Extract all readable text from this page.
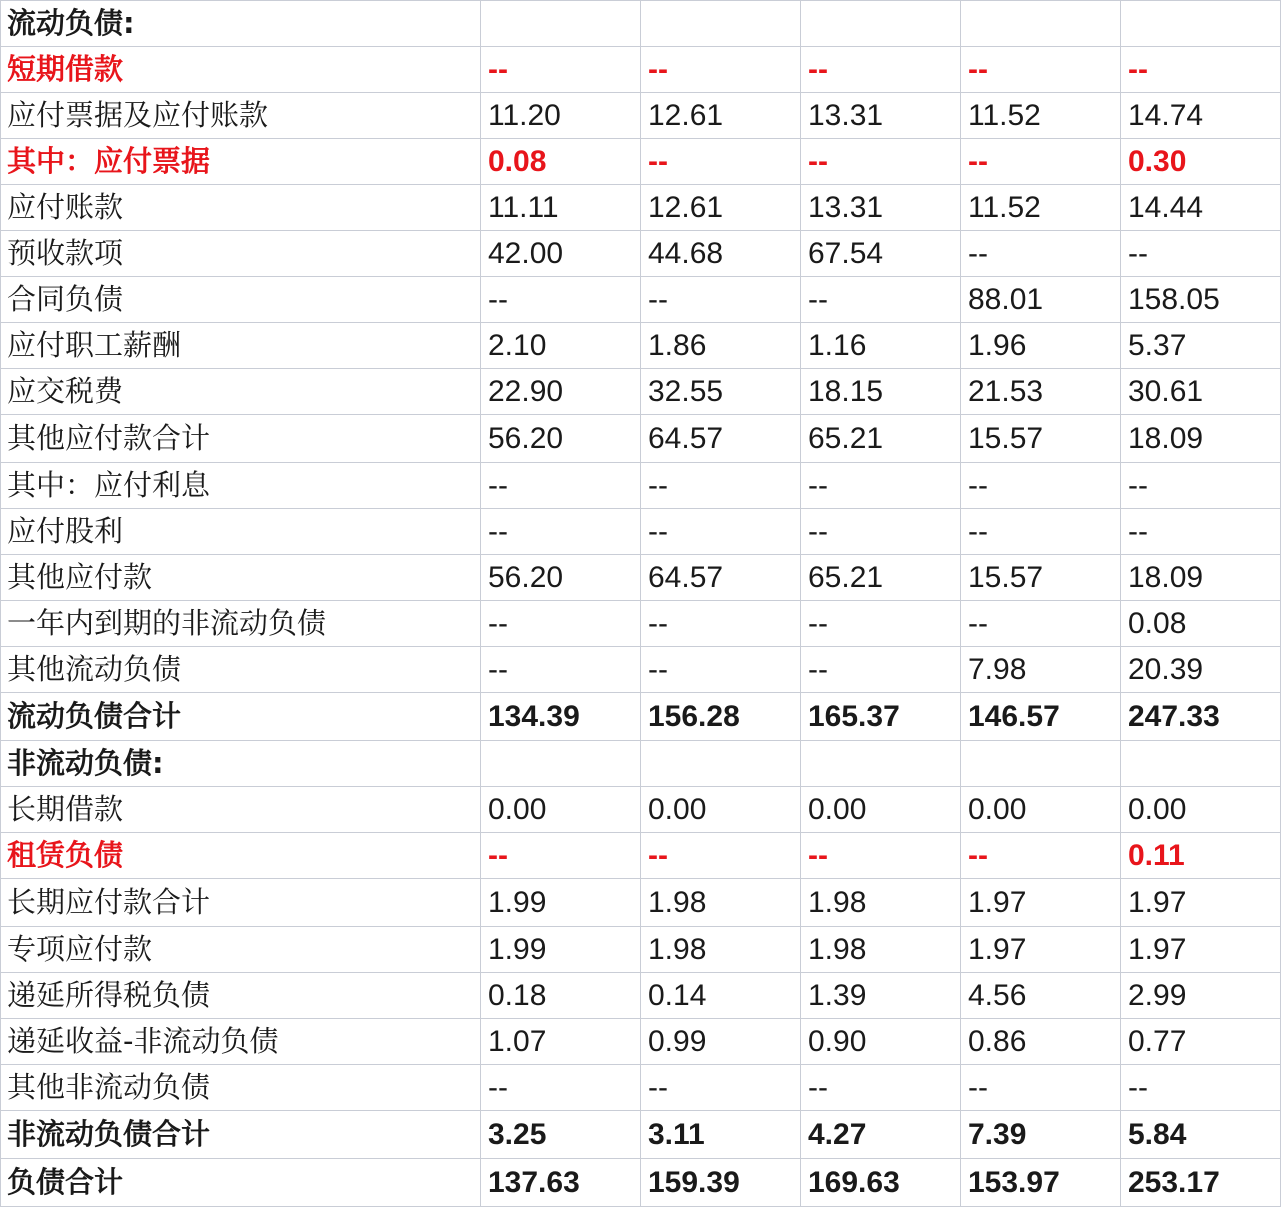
流动负债:					
短期借款	--	--	--	--	--
应付票据及应付账款	11.20	12.61	13.31	11.52	14.74
其中：应付票据	0.08	--	--	--	0.30
应付账款	11.11	12.61	13.31	11.52	14.44
预收款项	42.00	44.68	67.54	--	--
合同负债	--	--	--	88.01	158.05
应付职工薪酬	2.10	1.86	1.16	1.96	5.37
应交税费	22.90	32.55	18.15	21.53	30.61
其他应付款合计	56.20	64.57	65.21	15.57	18.09
其中：应付利息	--	--	--	--	--
应付股利	--	--	--	--	--
其他应付款	56.20	64.57	65.21	15.57	18.09
一年内到期的非流动负债	--	--	--	--	0.08
其他流动负债	--	--	--	7.98	20.39
流动负债合计	134.39	156.28	165.37	146.57	247.33
非流动负债:					
长期借款	0.00	0.00	0.00	0.00	0.00
租赁负债	--	--	--	--	0.11
长期应付款合计	1.99	1.98	1.98	1.97	1.97
专项应付款	1.99	1.98	1.98	1.97	1.97
递延所得税负债	0.18	0.14	1.39	4.56	2.99
递延收益-非流动负债	1.07	0.99	0.90	0.86	0.77
其他非流动负债	--	--	--	--	--
非流动负债合计	3.25	3.11	4.27	7.39	5.84
负债合计	137.63	159.39	169.63	153.97	253.17
